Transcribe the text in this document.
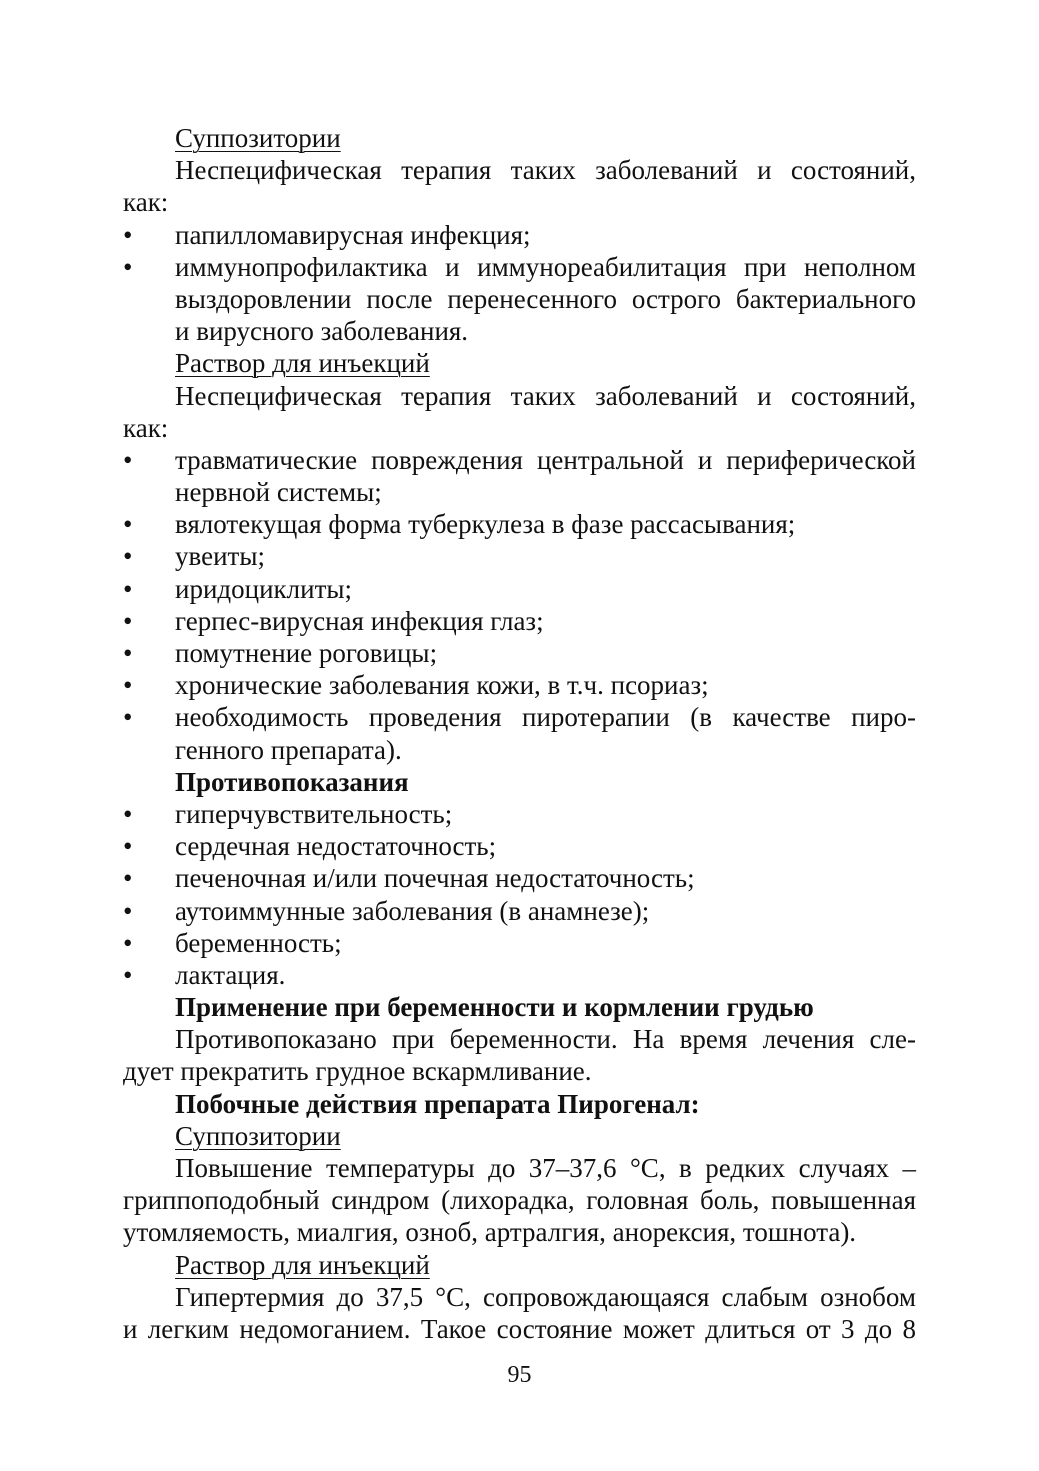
Суппозитории
Неспецифическая терапия таких заболеваний и состояний,
как:
•	папилломавирусная инфекция;
•	иммунопрофилактика и иммунореабилитация при неполном
выздоровлении после перенесенного острого бактериального
и вирусного заболевания.
Раствор для инъекций
Неспецифическая терапия таких заболеваний и состояний,
как:
•	травматические повреждения центральной и периферической
нервной системы;
•	вялотекущая форма туберкулеза в фазе рассасывания;
•	увеиты;
•	иридоциклиты;
•	герпес-вирусная инфекция глаз;
•	помутнение роговицы;
•	хронические заболевания кожи, в т.ч. псориаз;
•	необходимость проведения пиротерапии (в качестве пиро-
генного препарата).
Противопоказания
•	гиперчувствительность;
•	сердечная недостаточность;
•	печеночная и/или почечная недостаточность;
•	аутоиммунные заболевания (в анамнезе);
•	беременность;
•	лактация.
Применение при беременности и кормлении грудью
Противопоказано при беременности. На время лечения сле-
дует прекратить грудное вскармливание.
Побочные действия препарата Пирогенал:
Суппозитории
Повышение температуры до 37–37,6 °С, в редких случаях –
гриппоподобный синдром (лихорадка, головная боль, повышенная
утомляемость, миалгия, озноб, артралгия, анорексия, тошнота).
Раствор для инъекций
Гипертермия до 37,5 °С, сопровождающаяся слабым ознобом
и легким недомоганием. Такое состояние может длиться от 3 до 8
95
